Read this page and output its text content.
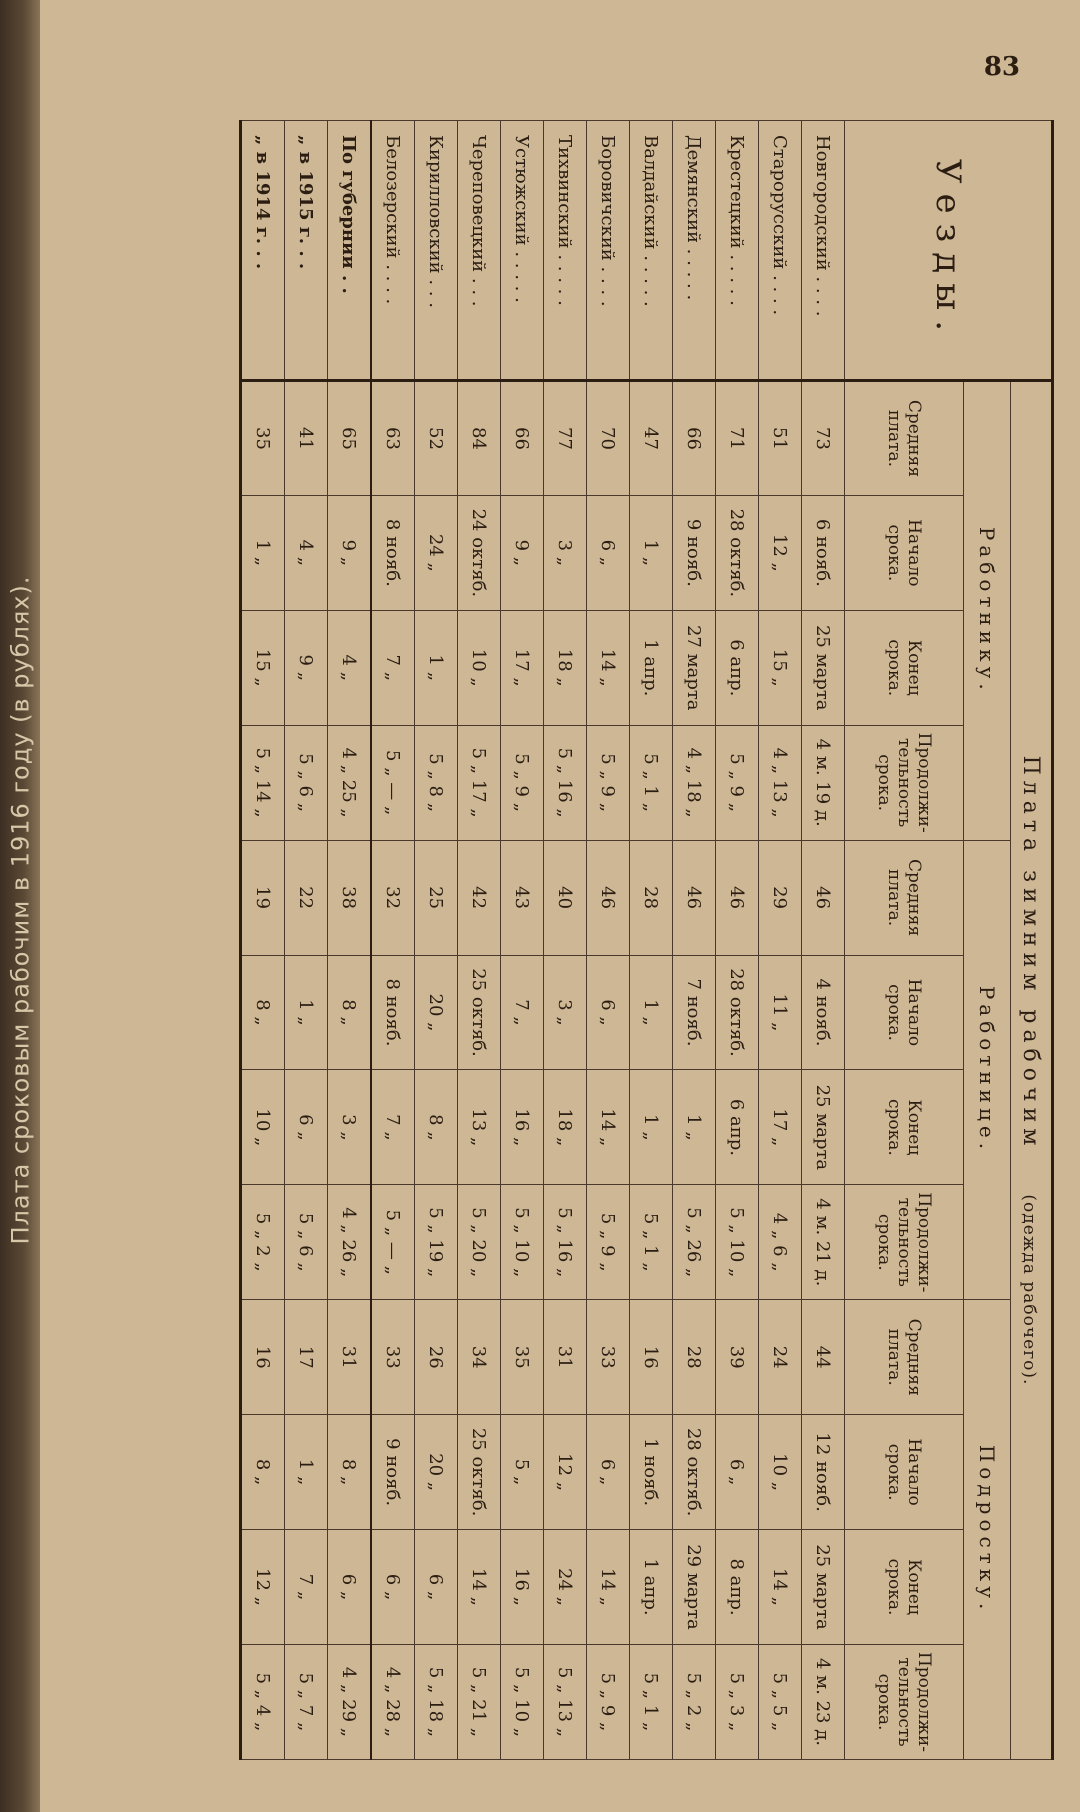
Плата сроковым рабочим в 1916 году (в рублях).
83
Уезды.	Плата зимним рабочим (одежда рабочего).											
	Работнику.				Работнице.				Подростку.			
	Средняя плата.	Начало срока.	Конец срока.	Продолжи-тельность срока.	Средняя плата.	Начало срока.	Конец срока.	Продолжи-тельность срока.	Средняя плата.	Начало срока.	Конец срока.	Продолжи-тельность срока.
Новгородский . . . .	73	6 нояб.	25 марта	4 м. 19 д.	46	4 нояб.	25 марта	4 м. 21 д.	44	12 нояб.	25 марта	4 м. 23 д.
Старорусский . . . .	51	12 „	15 „	4 „ 13 „	29	11 „	17 „	4 „ 6 „	24	10 „	14 „	5 „ 5 „
Крестецкий . . . . .	71	28 октяб.	6 апр.	5 „ 9 „	46	28 октяб.	6 апр.	5 „ 10 „	39	6 „	8 апр.	5 „ 3 „
Демянский . . . . .	66	9 нояб.	27 марта	4 „ 18 „	46	7 нояб.	1 „	5 „ 26 „	28	28 октяб.	29 марта	5 „ 2 „
Валдайский . . . . .	47	1 „	1 апр.	5 „ 1 „	28	1 „	1 „	5 „ 1 „	16	1 нояб.	1 апр.	5 „ 1 „
Боровичский . . . .	70	6 „	14 „	5 „ 9 „	46	6 „	14 „	5 „ 9 „	33	6 „	14 „	5 „ 9 „
Тихвинский . . . . .	77	3 „	18 „	5 „ 16 „	40	3 „	18 „	5 „ 16 „	31	12 „	24 „	5 „ 13 „
Устюжский . . . . .	66	9 „	17 „	5 „ 9 „	43	7 „	16 „	5 „ 10 „	35	5 „	16 „	5 „ 10 „
Череповецкий . . .	84	24 октяб.	10 „	5 „ 17 „	42	25 октяб.	13 „	5 „ 20 „	34	25 октяб.	14 „	5 „ 21 „
Кирилловский . . .	52	24 „	1 „	5 „ 8 „	25	20 „	8 „	5 „ 19 „	26	20 „	6 „	5 „ 18 „
Белозерский . . . .	63	8 нояб.	7 „	5 „ — „	32	8 нояб.	7 „	5 „ — „	33	9 нояб.	6 „	4 „ 28 „
По губернии . .	65	9 „	4 „	4 „ 25 „	38	8 „	3 „	4 „ 26 „	31	8 „	6 „	4 „ 29 „
„ в 1915 г. . .	41	4 „	9 „	5 „ 6 „	22	1 „	6 „	5 „ 6 „	17	1 „	7 „	5 „ 7 „
„ в 1914 г. . .	35	1 „	15 „	5 „ 14 „	19	8 „	10 „	5 „ 2 „	16	8 „	12 „	5 „ 4 „
